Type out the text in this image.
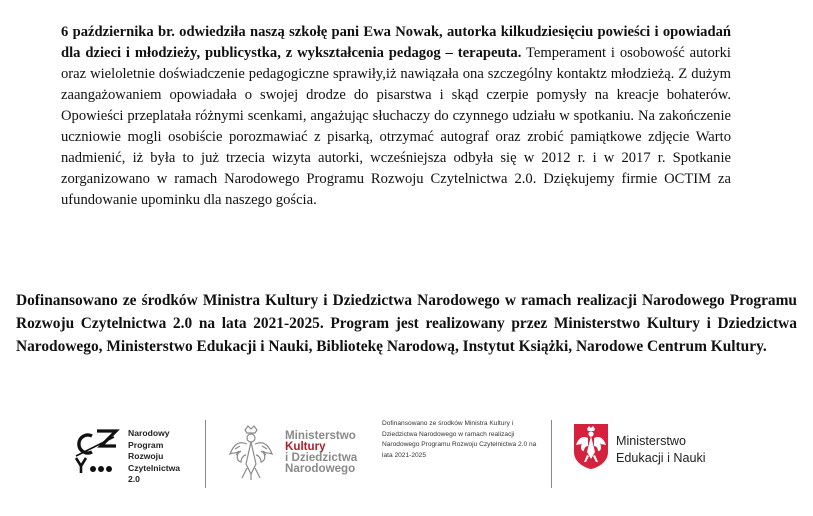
6 października br. odwiedziła naszą szkołę pani Ewa Nowak, autorka kilkudziesięciu powieści i opowiadań dla dzieci i młodzieży, publicystka, z wykształcenia pedagog – terapeuta. Temperament i osobowość autorki oraz wieloletnie doświadczenie pedagogiczne sprawiły,iż nawiązała ona szczególny kontaktz młodzieżą. Z dużym zaangażowaniem opowiadała o swojej drodze do pisarstwa i skąd czerpie pomysły na kreacje bohaterów. Opowieści przeplatała różnymi scenkami, angażując słuchaczy do czynnego udziału w spotkaniu. Na zakończenie uczniowie mogli osobiście porozmawiać z pisarką, otrzymać autograf oraz zrobić pamiątkowe zdjęcie Warto nadmienić, iż była to już trzecia wizyta autorki, wcześniejsza odbyła się w 2012 r. i w 2017 r. Spotkanie zorganizowano w ramach Narodowego Programu Rozwoju Czytelnictwa 2.0. Dziękujemy firmie OCTIM za ufundowanie upominku dla naszego gościa.
Dofinansowano ze środków Ministra Kultury i Dziedzictwa Narodowego w ramach realizacji Narodowego Programu Rozwoju Czytelnictwa 2.0 na lata 2021-2025. Program jest realizowany przez Ministerstwo Kultury i Dziedzictwa Narodowego, Ministerstwo Edukacji i Nauki, Bibliotekę Narodową, Instytut Książki, Narodowe Centrum Kultury.
Narodowy
Program
Rozwoju
Czytelnictwa
2.0
Ministerstwo
Kultury
i Dziedzictwa
Narodowego
Dofinansowano ze środków Ministra Kultury i Dziedzictwa Narodowego w ramach realizacji Narodowego Programu Rozwoju Czytelnictwa 2.0 na lata 2021-2025
Ministerstwo
Edukacji i Nauki
